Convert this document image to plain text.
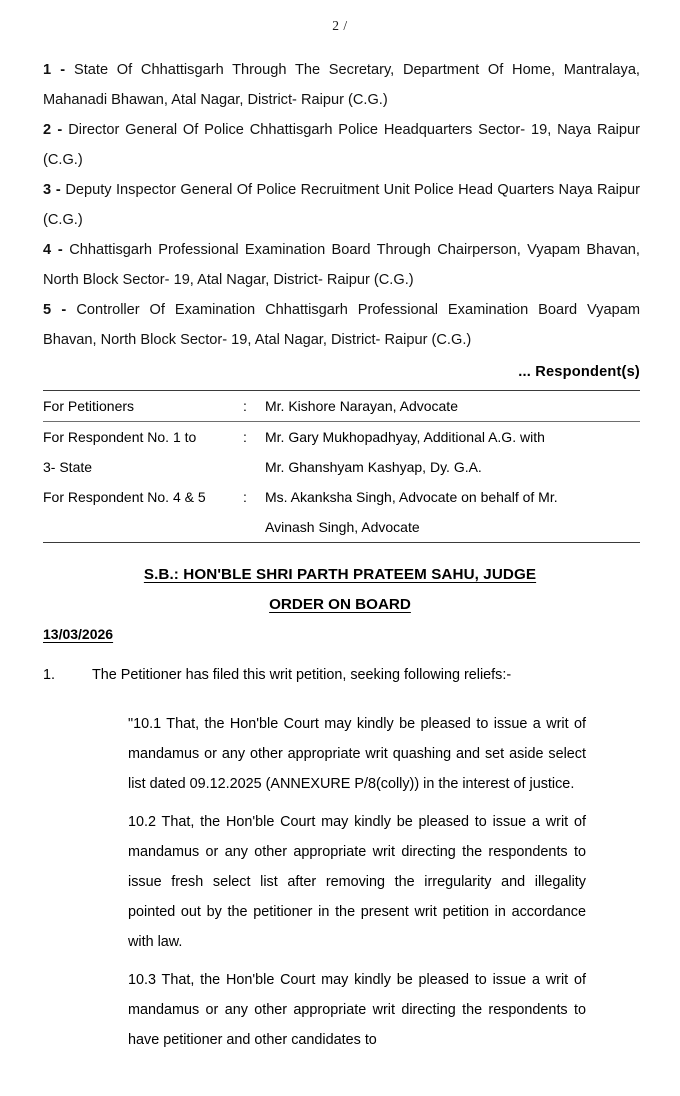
2 /

1 - State Of Chhattisgarh Through The Secretary, Department Of Home, Mantralaya, Mahanadi Bhawan, Atal Nagar, District- Raipur (C.G.)

2 - Director General Of Police Chhattisgarh Police Headquarters Sector- 19, Naya Raipur (C.G.)

3 - Deputy Inspector General Of Police Recruitment Unit Police Head Quarters Naya Raipur (C.G.)

4 - Chhattisgarh Professional Examination Board Through Chairperson, Vyapam Bhavan, North Block Sector- 19, Atal Nagar, District- Raipur (C.G.)

5 - Controller Of Examination Chhattisgarh Professional Examination Board Vyapam Bhavan, North Block Sector- 19, Atal Nagar, District- Raipur (C.G.)

... Respondent(s)
For Petitioners	:	Mr. Kishore Narayan, Advocate
For Respondent No. 1 to	:	Mr. Gary Mukhopadhyay, Additional A.G. with
3- State	Mr. Ghanshyam Kashyap, Dy. G.A.
For Respondent No. 4 & 5	:	Ms. Akanksha Singh, Advocate on behalf of Mr.
Avinash Singh, Advocate
S.B.: HON'BLE SHRI PARTH PRATEEM SAHU, JUDGE
ORDER ON BOARD
13/03/2026
1.	The Petitioner has filed this writ petition, seeking following reliefs:-

"10.1 That, the Hon'ble Court may kindly be pleased to issue a writ of mandamus or any other appropriate writ quashing and set aside select list dated 09.12.2025 (ANNEXURE P/8(colly)) in the interest of justice.

10.2 That, the Hon'ble Court may kindly be pleased to issue a writ of mandamus or any other appropriate writ directing the respondents to issue fresh select list after removing the irregularity and illegality pointed out by the petitioner in the present writ petition in accordance with law.

10.3 That, the Hon'ble Court may kindly be pleased to issue a writ of mandamus or any other appropriate writ directing the respondents to have petitioner and other candidates to
